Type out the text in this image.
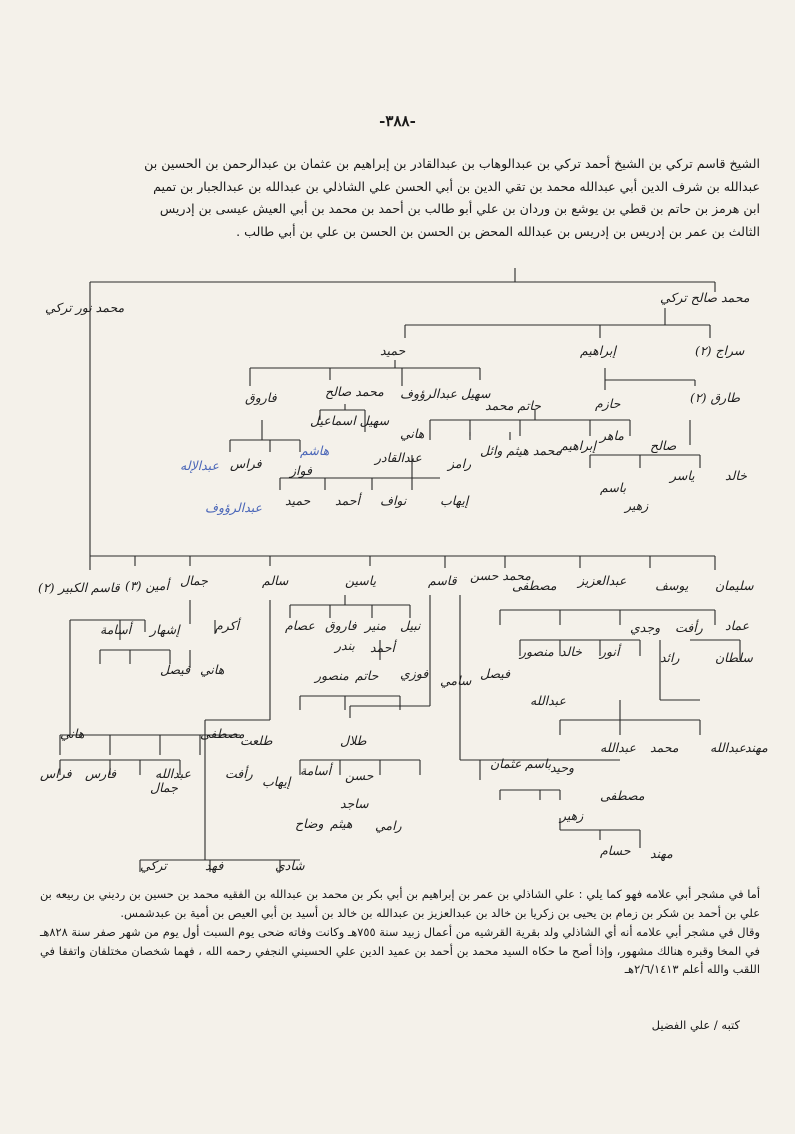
-٣٨٨-

الشيخ قاسم تركي بن الشيخ أحمد تركي بن عبدالوهاب بن عبدالقادر بن إبراهيم بن عثمان بن عبدالرحمن بن الحسين بن

عبدالله بن شرف الدين أبي عبدالله محمد بن تقي الدين بن أبي الحسن علي الشاذلي بن عبدالله بن عبدالجبار بن تميم

ابن هرمز بن حاتم بن قطي بن يوشع بن وردان بن علي أبو طالب بن أحمد بن محمد بن أبي العيش عيسى بن إدريس

الثالث بن عمر بن إدريس بن إدريس بن عبدالله المحض بن الحسن بن الحسن بن علي بن أبي طالب .

محمد صالح تركي
محمد نور تركي
سراج (٢)
إبراهيم
حميد
طارق (٢)
حازم
حاتم محمد
سهيل عبدالرؤوف
محمد صالح
فاروق
صالح
ماهر
إبراهيم
محمد هيثم وائل
رامز
هاني
عبدالقادر
سهيل اسماعيل
فواز
فراس
عبدالإله
هاشم
خالد
ياسر
باسم
زهير
إيهاب
نواف
أحمد
حميد
عبدالرؤوف
سليمان
يوسف
عبدالعزيز
مصطفى
محمد حسن
قاسم
ياسين
سالم
جمال
أمين (٣)
قاسم الكبير (٢)
عماد
رأفت
وجدي
سلطان
رائد
أنور
خالد
منصور
فيصل
عبدالله
نبيل
منير
فاروق
عصام
أحمد
بندر
أكرم
إشهار
أسامة
سامي
فوزي
حاتم
منصور
فيصل هاني
عبدالله
محمد
عبدالله	مهند
وحيد
باسم
عثمان
مصطفى
زهير
طلعت	طلال
رأفت
إيهاب
أسامة حسن
مصطفى
هاني
عبدالله
جمال
فارس
فراس
حسام مهند
ساجد
وضاح هيثم رامي
شادي
فهد
تركي

أما في مشجر أبي علامه فهو كما يلي : علي الشاذلي بن عمر بن إبراهيم بن أبي بكر بن محمد بن عبدالله بن الفقيه محمد بن حسين بن رديني بن ربيعه بن علي بن أحمد بن شكر بن زمام بن يحيى بن زكريا بن خالد بن عبدالعزيز بن عبدالله بن خالد بن أسيد بن أبي العيص بن أمية بن عبدشمس.

وقال في مشجر أبي علامه أنه أي الشاذلي ولد بقرية القرشيه من أعمال زبيد سنة ٧٥٥هـ وكانت وفاته ضحى يوم السبت أول يوم من شهر صفر سنة ٨٢٨هـ في المخا وقبره هنالك مشهور، وإذا أصح ما حكاه السيد محمد بن أحمد بن عميد الدين علي الحسيني النجفي رحمه الله ، فهما شخصان مختلفان واتفقا في اللقب والله أعلم ٢/٦/١٤١٣هـ

كتبه / علي الفضيل
